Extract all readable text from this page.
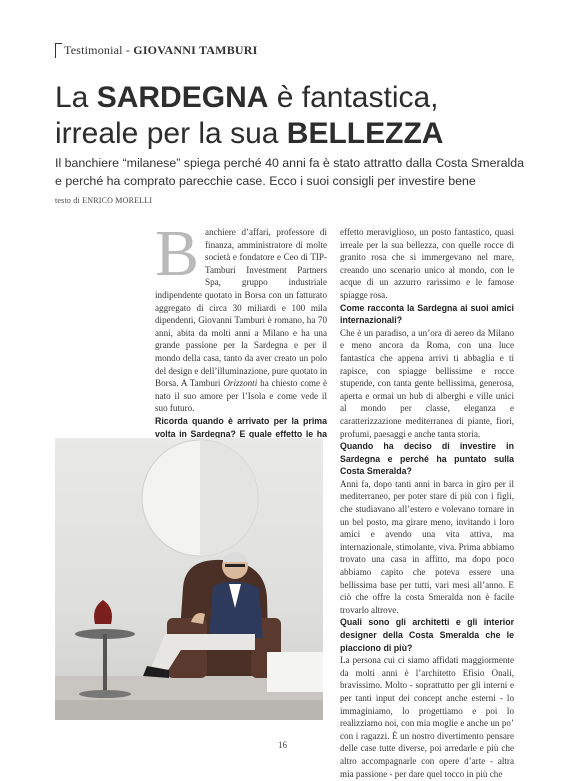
Testimonial - GIOVANNI TAMBURI
La SARDEGNA è fantastica,
irreale per la sua BELLEZZA
Il banchiere “milanese” spiega perché 40 anni fa è stato attratto dalla Costa Smeralda
e perché ha comprato parecchie case. Ecco i suoi consigli per investire bene
testo di ENRICO MORELLI

Banchiere d’affari, professore di finanza, amministratore di molte società e fondatore e Ceo di TIP- Tamburi Investment Partners Spa, gruppo industriale indipendente quotato in Borsa con un fatturato aggregato di circa 30 miliardi e 100 mila dipendenti, Giovanni Tamburi è romano, ha 70 anni, abita da molti anni a Milano e ha una grande passione per la Sardegna e per il mondo della casa, tanto da aver creato un polo del design e dell’illuminazione, pure quotato in Borsa. A Tamburi Orizzonti ha chiesto come è nato il suo amore per l’Isola e come vede il suo futuro.

Ricorda quando è arrivato per la prima volta in Sardegna? E quale effetto le ha

effetto meraviglioso, un posto fantastico, quasi irreale per la sua bellezza, con quelle rocce di granito rosa che si immergevano nel mare, creando uno scenario unico al mondo, con le acque di un azzurro rarissimo e le famose spiagge rosa.

Come racconta la Sardegna ai suoi amici internazionali?

Che è un paradiso, a un’ora di aereo da Milano e meno ancora da Roma, con una luce fantastica che appena arrivi ti abbaglia e ti rapisce, con spiagge bellissime e rocce stupende, con tanta gente bellissima, generosa, aperta e ormai un hub di alberghi e ville unici al mondo per classe, eleganza e caratterizzazione mediterranea di piante, fiori, profumi, paesaggi e anche tanta storia.

Quando ha deciso di investire in Sardegna e perché ha puntato sulla Costa Smeralda?

Anni fa, dopo tanti anni in barca in giro per il mediterraneo, per poter stare di più con i figli, che studiavano all’estero e volevano tornare in un bel posto, ma girare meno, invitando i loro amici e avendo una vita attiva, ma internazionale, stimolante, viva. Prima abbiamo trovato una casa in affitto, ma dopo poco abbiamo capito che poteva essere una bellissima base per tutti, vari mesi all’anno. E ciò che offre la costa Smeralda non è facile trovarlo altrove.

Quali sono gli architetti e gli interior designer della Costa Smeralda che le piacciono di più?

La persona cui ci siamo affidati maggiormente da molti anni è l’architetto Efisio Onali, bravissimo. Molto - soprattutto per gli interni e per tanti input dei concept anche esterni - lo immaginiamo, lo progettiamo e poi lo realizziamo noi, con mia moglie e anche un po’ con i ragazzi. È un nostro divertimento pensare delle case tutte diverse, poi arredarle e più che altro accompagnarle con opere d’arte - altra mia passione - per dare quel tocco in più che

16
